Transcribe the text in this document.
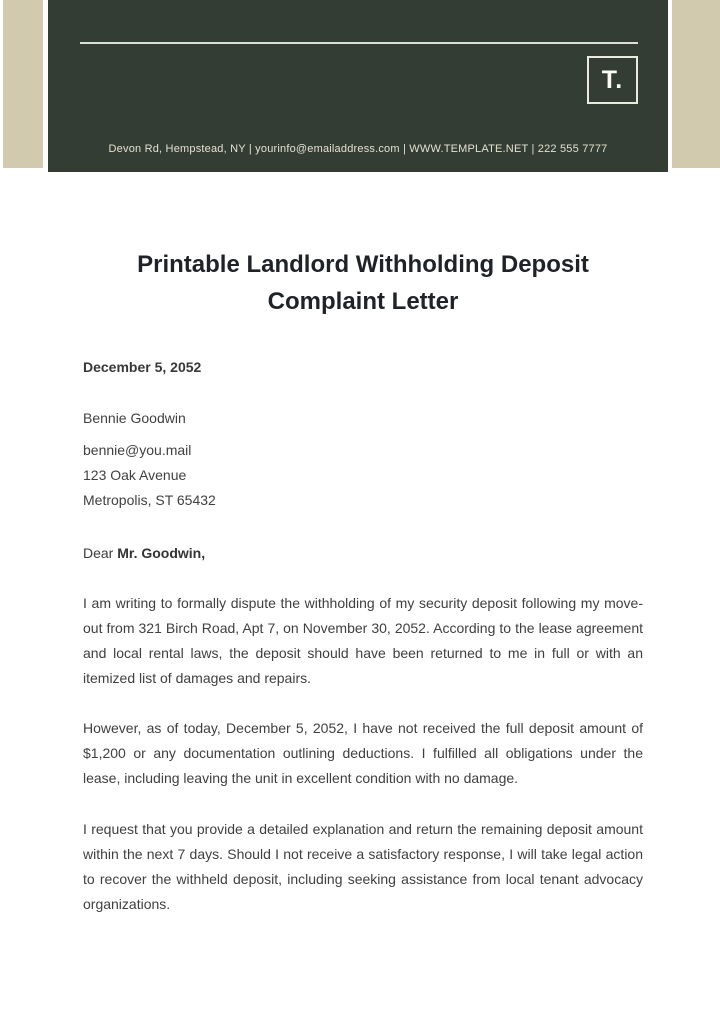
T.
Devon Rd, Hempstead, NY | yourinfo@emailaddress.com | WWW.TEMPLATE.NET | 222 555 7777
Printable Landlord Withholding Deposit Complaint Letter
December 5, 2052
Bennie Goodwin
bennie@you.mail
123 Oak Avenue
Metropolis, ST 65432
Dear Mr. Goodwin,

I am writing to formally dispute the withholding of my security deposit following my move-out from 321 Birch Road, Apt 7, on November 30, 2052. According to the lease agreement and local rental laws, the deposit should have been returned to me in full or with an itemized list of damages and repairs.

However, as of today, December 5, 2052, I have not received the full deposit amount of $1,200 or any documentation outlining deductions. I fulfilled all obligations under the lease, including leaving the unit in excellent condition with no damage.

I request that you provide a detailed explanation and return the remaining deposit amount within the next 7 days. Should I not receive a satisfactory response, I will take legal action to recover the withheld deposit, including seeking assistance from local tenant advocacy organizations.
